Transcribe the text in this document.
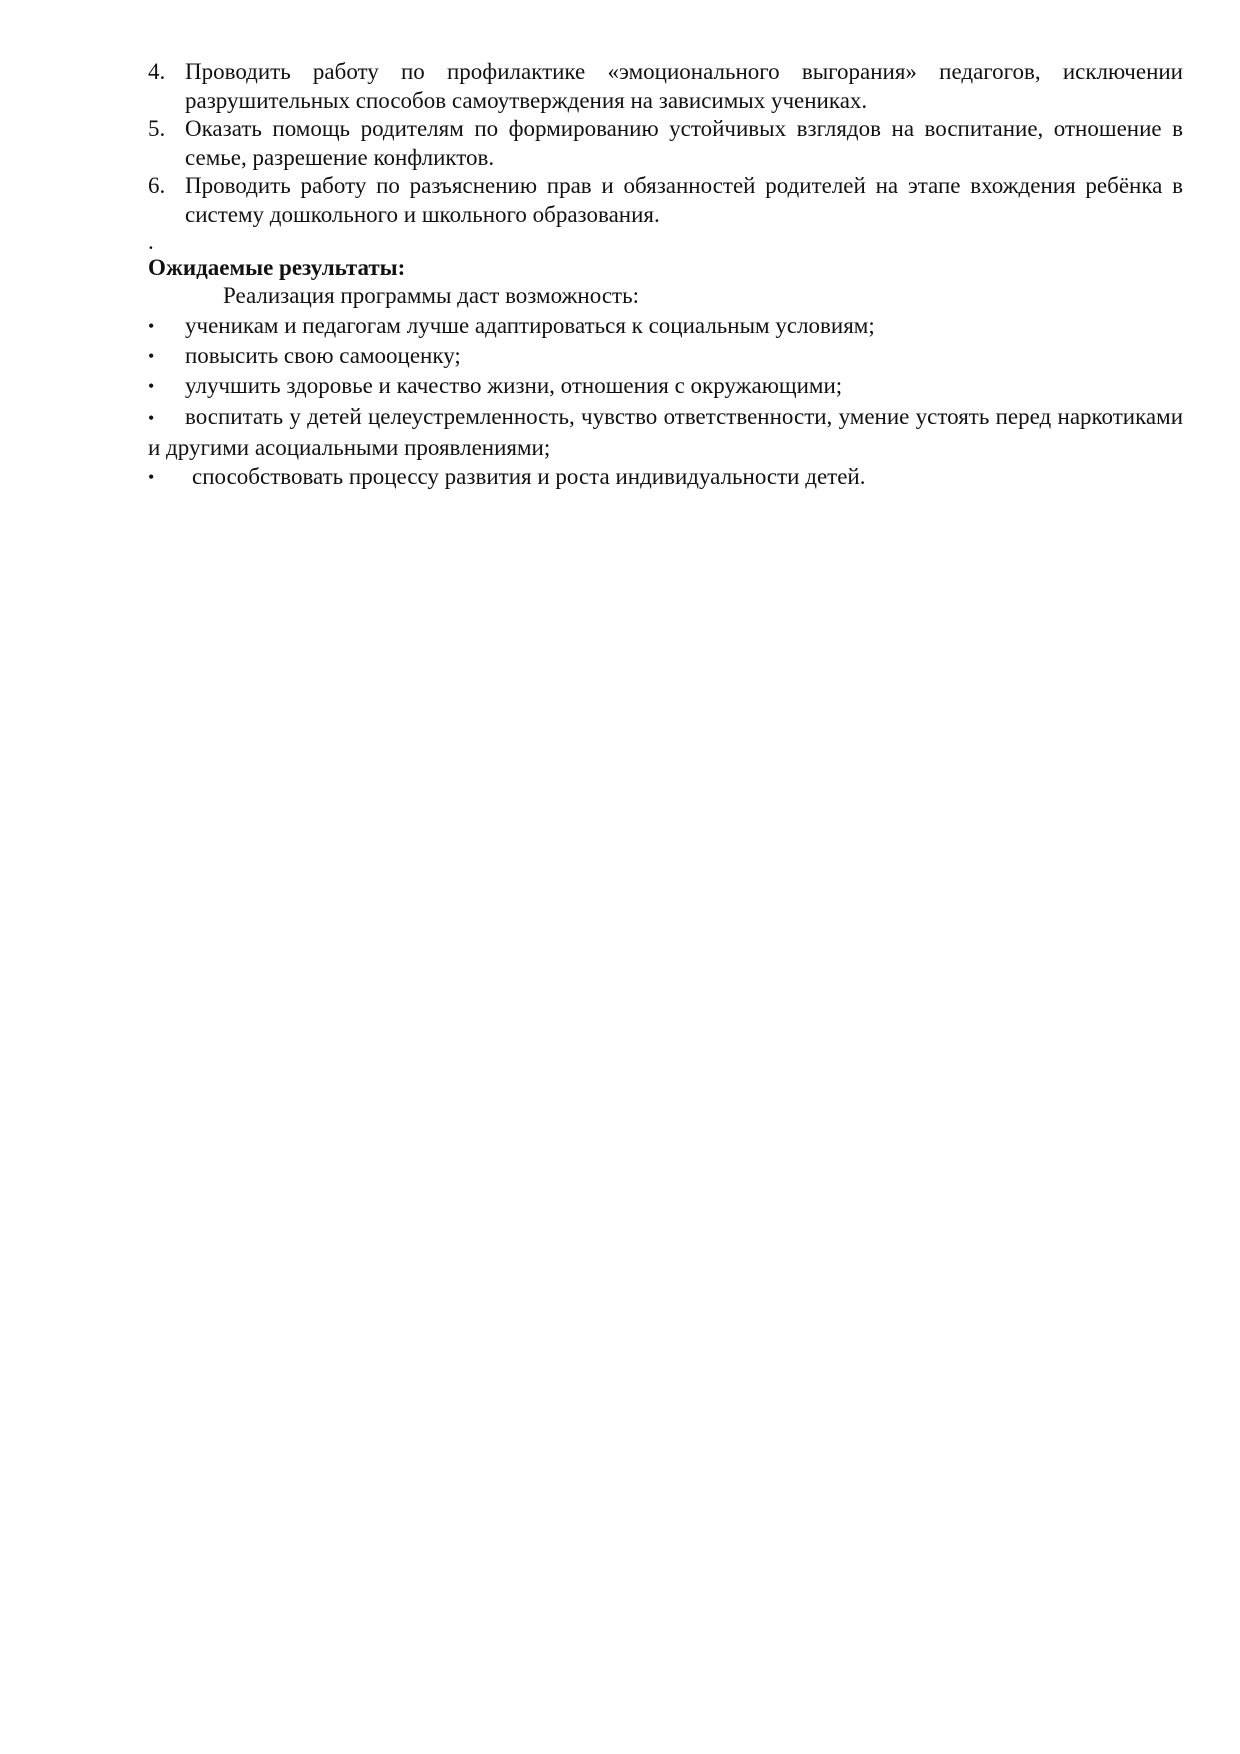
4. Проводить работу по профилактике «эмоционального выгорания» педагогов, исключении разрушительных способов самоутверждения на зависимых учениках.
5. Оказать помощь родителям по формированию устойчивых взглядов на воспитание, отношение в семье, разрешение конфликтов.
6. Проводить работу по разъяснению прав и обязанностей родителей на этапе вхождения ребёнка в систему дошкольного и школьного образования.
.
Ожидаемые результаты:
Реализация программы даст возможность:
•	ученикам и педагогам лучше адаптироваться к социальным условиям;
•	повысить свою самооценку;
•	улучшить здоровье и качество жизни, отношения с окружающими;
• воспитать у детей целеустремленность, чувство ответственности, умение устоять перед наркотиками и другими асоциальными проявлениями;
•	способствовать процессу развития и роста индивидуальности детей.
